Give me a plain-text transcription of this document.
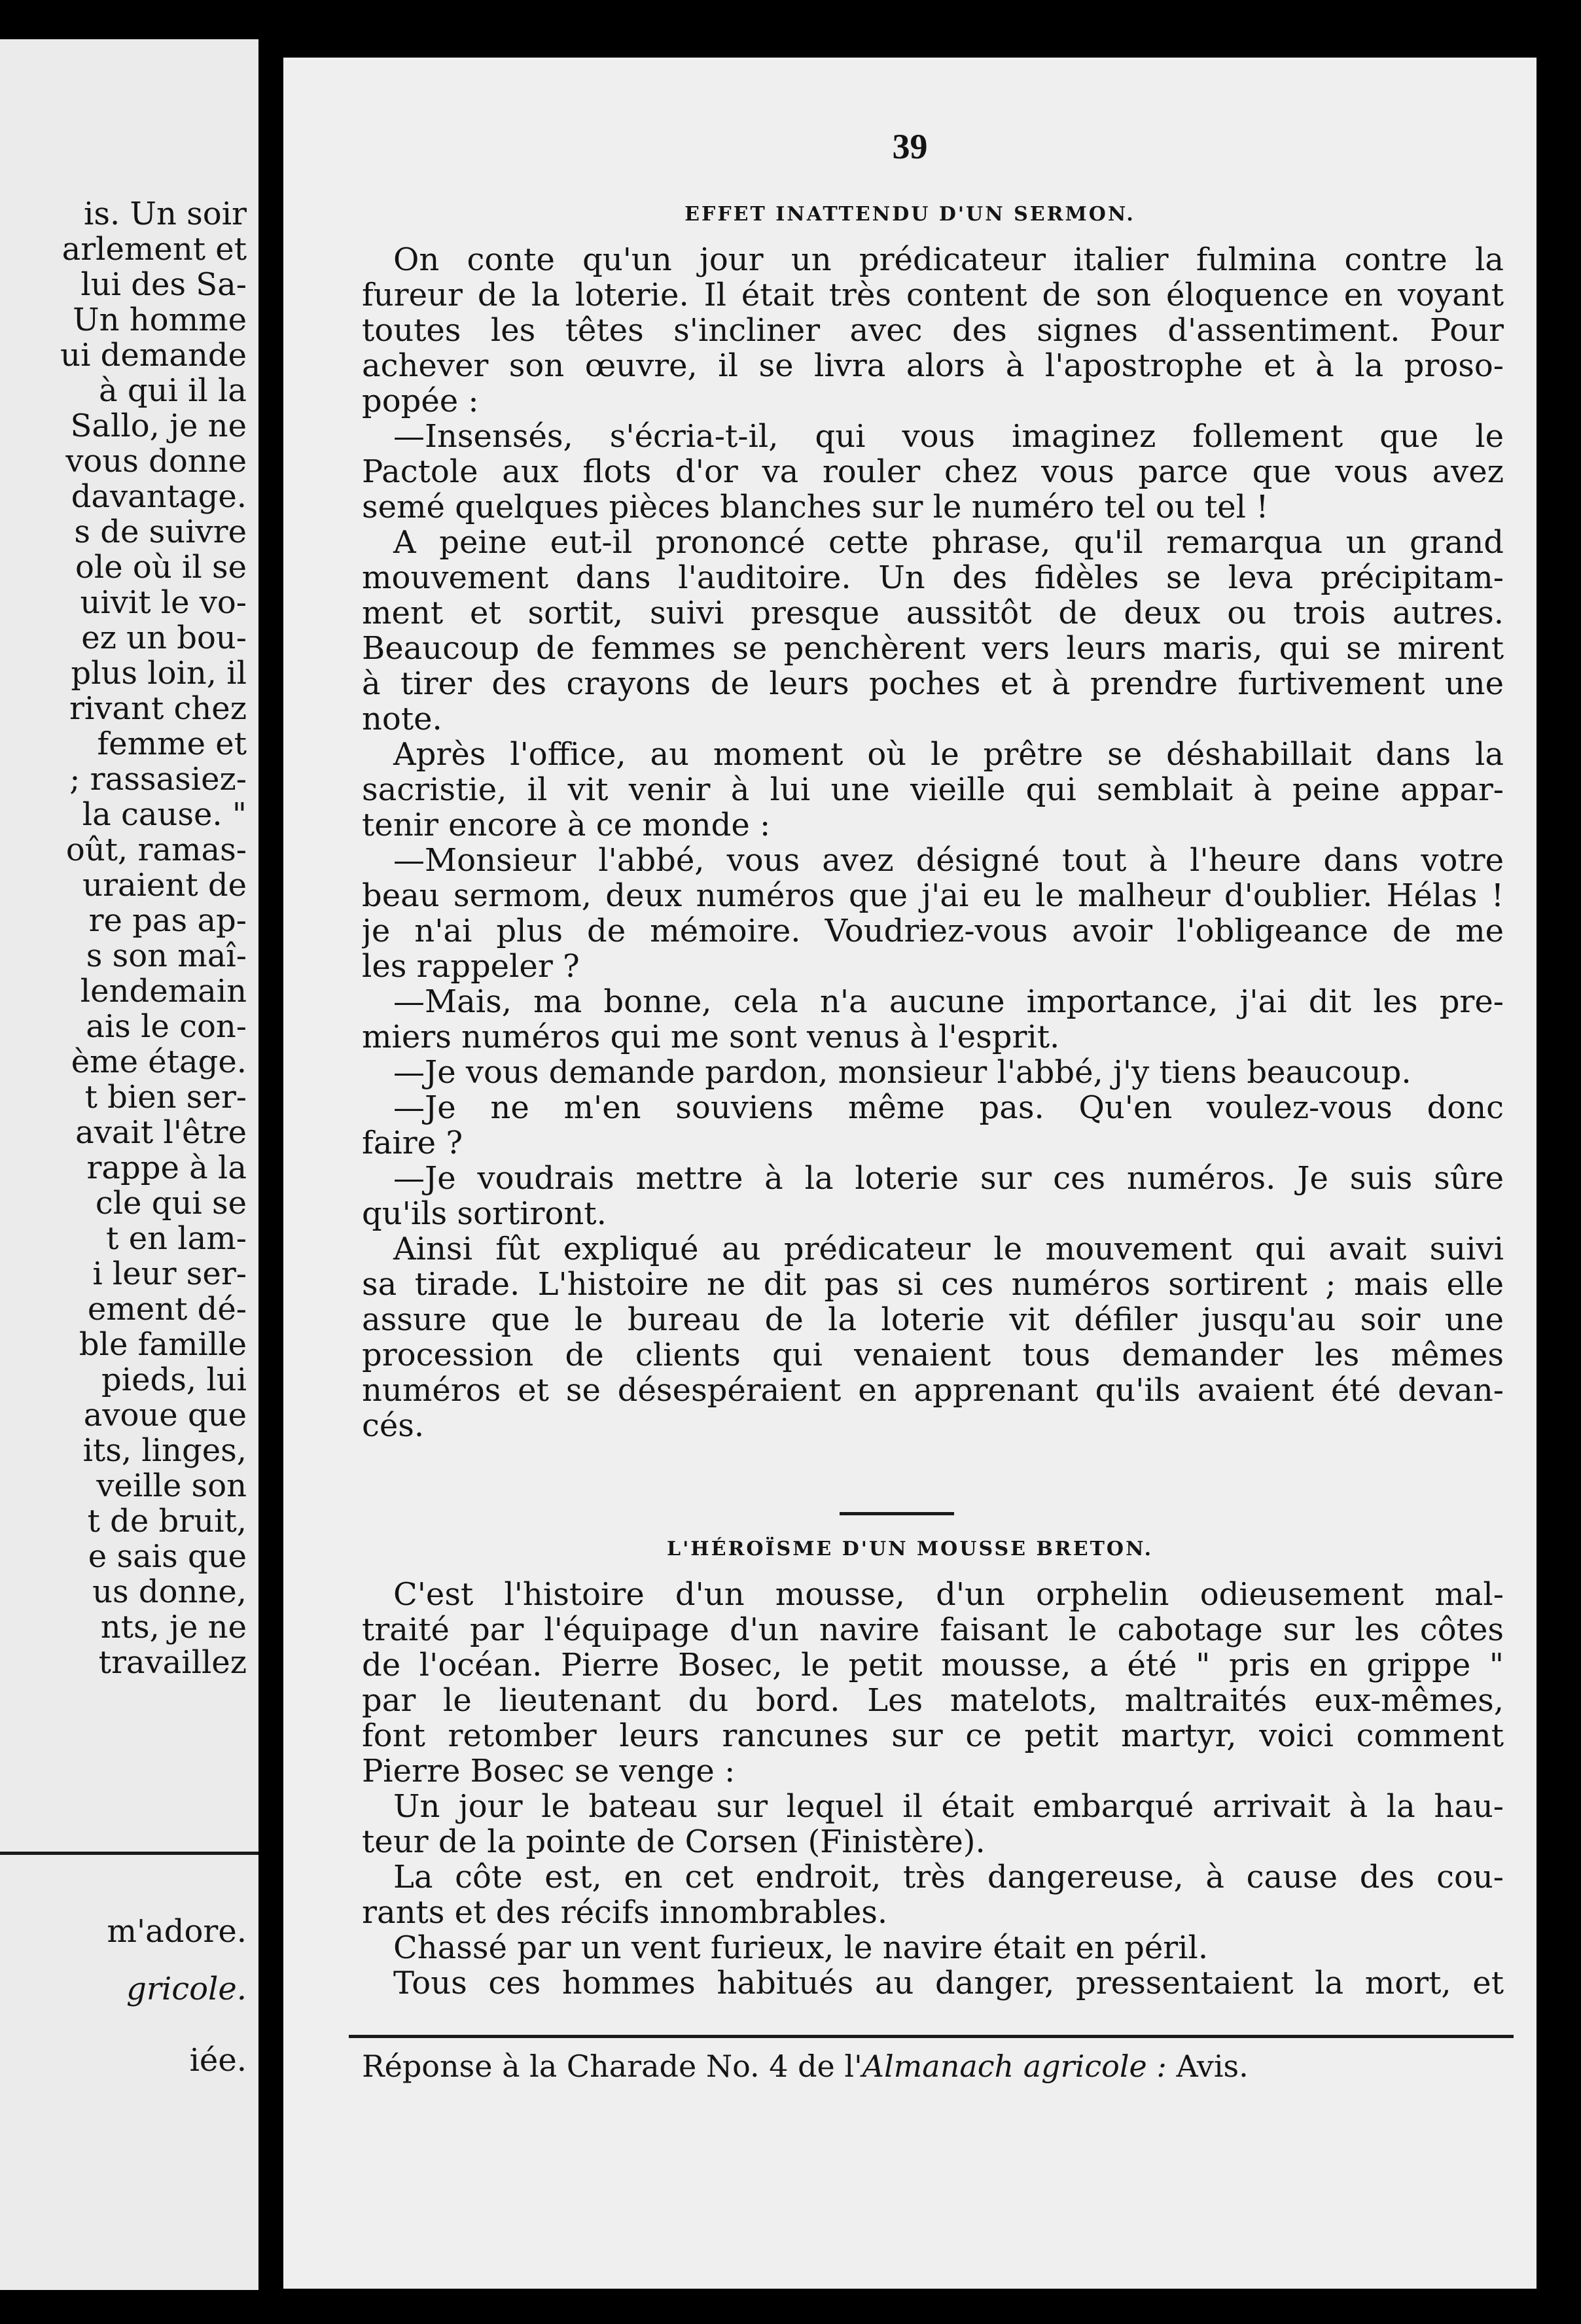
is. Un soir
arlement et
lui des Sa-
Un homme
ui demande
à qui il la
Sallo, je ne
vous donne
davantage.
s de suivre
ole où il se
uivit le vo-
ez un bou-
plus loin, il
rivant chez
femme et
; rassasiez-
la cause. "
oût, ramas-
uraient de
re pas ap-
s son maî-
lendemain
ais le con-
ème étage.
t bien ser-
avait l'être
rappe à la
cle qui se
t en lam-
i leur ser-
ement dé-
ble famille
pieds, lui
avoue que
its, linges,
veille son
t de bruit,
e sais que
us donne,
nts, je ne
travaillez
m'adore.
gricole.
iée.
39
EFFET INATTENDU D'UN SERMON.
On conte qu'un jour un prédicateur italier fulmina contre la
fureur de la loterie. Il était très content de son éloquence en voyant
toutes les têtes s'incliner avec des signes d'assentiment. Pour
achever son œuvre, il se livra alors à l'apostrophe et à la proso-
popée :
—Insensés, s'écria-t-il, qui vous imaginez follement que le
Pactole aux flots d'or va rouler chez vous parce que vous avez
semé quelques pièces blanches sur le numéro tel ou tel !
A peine eut-il prononcé cette phrase, qu'il remarqua un grand
mouvement dans l'auditoire. Un des fidèles se leva précipitam-
ment et sortit, suivi presque aussitôt de deux ou trois autres.
Beaucoup de femmes se penchèrent vers leurs maris, qui se mirent
à tirer des crayons de leurs poches et à prendre furtivement une
note.
Après l'office, au moment où le prêtre se déshabillait dans la
sacristie, il vit venir à lui une vieille qui semblait à peine appar-
tenir encore à ce monde :
—Monsieur l'abbé, vous avez désigné tout à l'heure dans votre
beau sermom, deux numéros que j'ai eu le malheur d'oublier. Hélas !
je n'ai plus de mémoire. Voudriez-vous avoir l'obligeance de me
les rappeler ?
—Mais, ma bonne, cela n'a aucune importance, j'ai dit les pre-
miers numéros qui me sont venus à l'esprit.
—Je vous demande pardon, monsieur l'abbé, j'y tiens beaucoup.
—Je ne m'en souviens même pas. Qu'en voulez-vous donc
faire ?
—Je voudrais mettre à la loterie sur ces numéros. Je suis sûre
qu'ils sortiront.
Ainsi fût expliqué au prédicateur le mouvement qui avait suivi
sa tirade. L'histoire ne dit pas si ces numéros sortirent ; mais elle
assure que le bureau de la loterie vit défiler jusqu'au soir une
procession de clients qui venaient tous demander les mêmes
numéros et se désespéraient en apprenant qu'ils avaient été devan-
cés.
L'HÉROÏSME D'UN MOUSSE BRETON.
C'est l'histoire d'un mousse, d'un orphelin odieusement mal-
traité par l'équipage d'un navire faisant le cabotage sur les côtes
de l'océan. Pierre Bosec, le petit mousse, a été " pris en grippe "
par le lieutenant du bord. Les matelots, maltraités eux-mêmes,
font retomber leurs rancunes sur ce petit martyr, voici comment
Pierre Bosec se venge :
Un jour le bateau sur lequel il était embarqué arrivait à la hau-
teur de la pointe de Corsen (Finistère).
La côte est, en cet endroit, très dangereuse, à cause des cou-
rants et des récifs innombrables.
Chassé par un vent furieux, le navire était en péril.
Tous ces hommes habitués au danger, pressentaient la mort, et
Réponse à la Charade No. 4 de l'Almanach agricole : Avis.
